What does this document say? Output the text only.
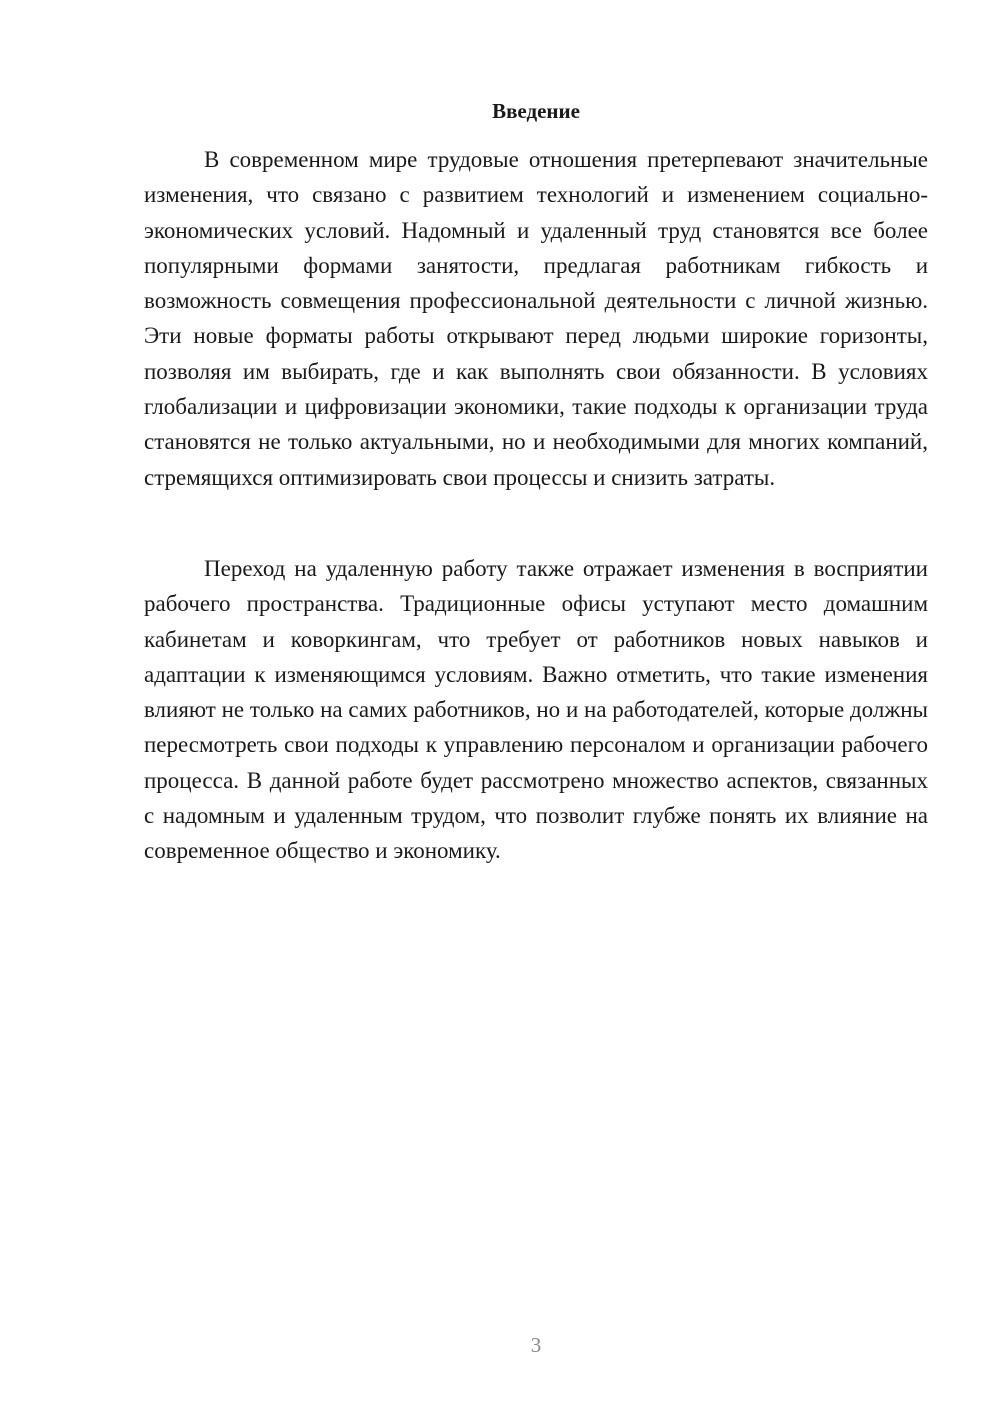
Введение

В современном мире трудовые отношения претерпевают значительные изменения, что связано с развитием технологий и изменением социально-экономических условий. Надомный и удаленный труд становятся все более популярными формами занятости, предлагая работникам гибкость и возможность совмещения профессиональной деятельности с личной жизнью. Эти новые форматы работы открывают перед людьми широкие горизонты, позволяя им выбирать, где и как выполнять свои обязанности. В условиях глобализации и цифровизации экономики, такие подходы к организации труда становятся не только актуальными, но и необходимыми для многих компаний, стремящихся оптимизировать свои процессы и снизить затраты.

Переход на удаленную работу также отражает изменения в восприятии рабочего пространства. Традиционные офисы уступают место домашним кабинетам и коворкингам, что требует от работников новых навыков и адаптации к изменяющимся условиям. Важно отметить, что такие изменения влияют не только на самих работников, но и на работодателей, которые должны пересмотреть свои подходы к управлению персоналом и организации рабочего процесса. В данной работе будет рассмотрено множество аспектов, связанных с надомным и удаленным трудом, что позволит глубже понять их влияние на современное общество и экономику.

3
